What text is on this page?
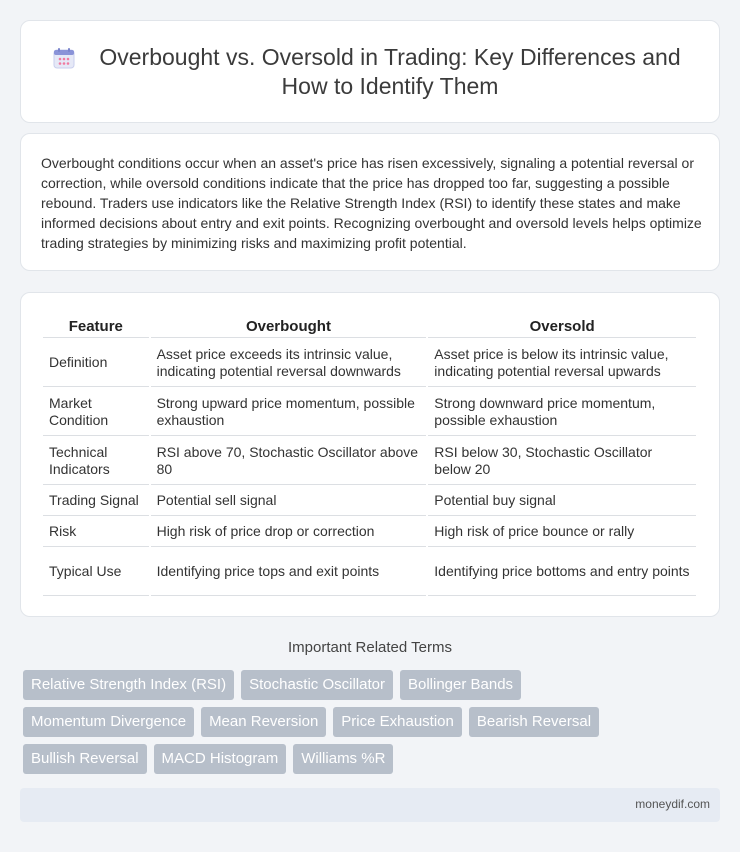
Overbought vs. Oversold in Trading: Key Differences and How to Identify Them

Overbought conditions occur when an asset's price has risen excessively, signaling a potential reversal or correction, while oversold conditions indicate that the price has dropped too far, suggesting a possible rebound. Traders use indicators like the Relative Strength Index (RSI) to identify these states and make informed decisions about entry and exit points. Recognizing overbought and oversold levels helps optimize trading strategies by minimizing risks and maximizing profit potential.

Feature	Overbought	Oversold
Definition	Asset price exceeds its intrinsic value, indicating potential reversal downwards	Asset price is below its intrinsic value, indicating potential reversal upwards
Market Condition	Strong upward price momentum, possible exhaustion	Strong downward price momentum, possible exhaustion
Technical Indicators	RSI above 70, Stochastic Oscillator above 80	RSI below 30, Stochastic Oscillator below 20
Trading Signal	Potential sell signal	Potential buy signal
Risk	High risk of price drop or correction	High risk of price bounce or rally
Typical Use	Identifying price tops and exit points	Identifying price bottoms and entry points
Important Related Terms
Relative Strength Index (RSI)	Stochastic Oscillator	Bollinger Bands
Momentum Divergence	Mean Reversion	Price Exhaustion	Bearish Reversal
Bullish Reversal	MACD Histogram	Williams %R
moneydif.com
